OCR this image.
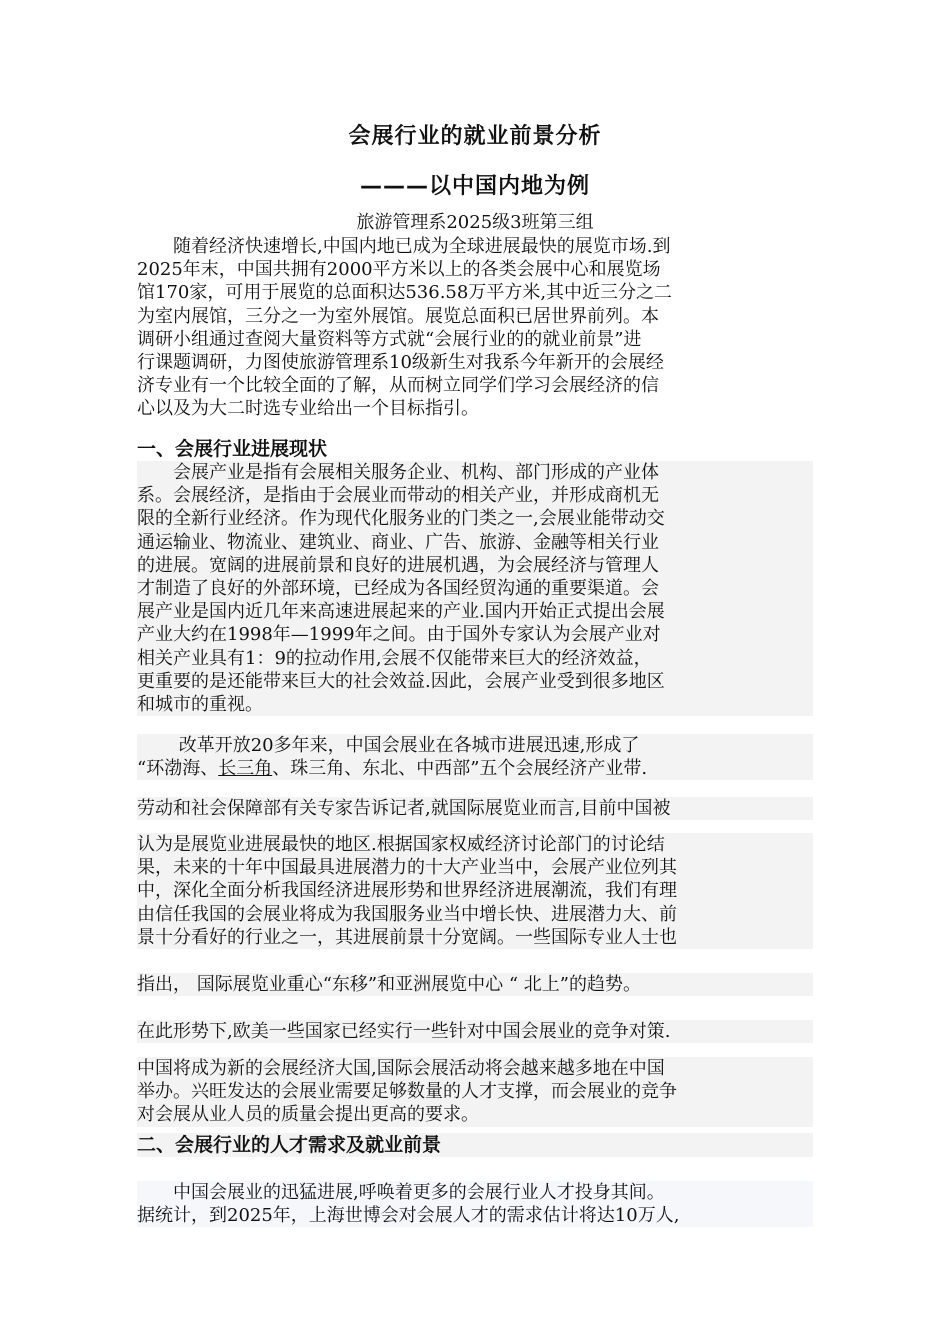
会展行业的就业前景分析
———以中国内地为例
旅游管理系2025级3班第三组
　　随着经济快速增长,中国内地已成为全球进展最快的展览市场.到
2025年末，中国共拥有2000平方米以上的各类会展中心和展览场
馆170家，可用于展览的总面积达536.58万平方米,其中近三分之二
为室内展馆，三分之一为室外展馆。展览总面积已居世界前列。本
调研小组通过查阅大量资料等方式就“会展行业的的就业前景”进
行课题调研，力图使旅游管理系10级新生对我系今年新开的会展经
济专业有一个比较全面的了解，从而树立同学们学习会展经济的信
心以及为大二时选专业给出一个目标指引。
一、会展行业进展现状
　　会展产业是指有会展相关服务企业、机构、部门形成的产业体
系。会展经济，是指由于会展业而带动的相关产业，并形成商机无
限的全新行业经济。作为现代化服务业的门类之一,会展业能带动交
通运输业、物流业、建筑业、商业、广告、旅游、金融等相关行业
的进展。宽阔的进展前景和良好的进展机遇，为会展经济与管理人
才制造了良好的外部环境，已经成为各国经贸沟通的重要渠道。会
展产业是国内近几年来高速进展起来的产业.国内开始正式提出会展
产业大约在1998年—1999年之间。由于国外专家认为会展产业对
相关产业具有1：9的拉动作用,会展不仅能带来巨大的经济效益，
更重要的是还能带来巨大的社会效益.因此，会展产业受到很多地区
和城市的重视。
　　 改革开放20多年来，中国会展业在各城市进展迅速,形成了
“环渤海、长三角、珠三角、东北、中西部”五个会展经济产业带.
劳动和社会保障部有关专家告诉记者,就国际展览业而言,目前中国被
认为是展览业进展最快的地区.根据国家权威经济讨论部门的讨论结
果，未来的十年中国最具进展潜力的十大产业当中，会展产业位列其
中，深化全面分析我国经济进展形势和世界经济进展潮流，我们有理
由信任我国的会展业将成为我国服务业当中增长快、进展潜力大、前
景十分看好的行业之一，其进展前景十分宽阔。一些国际专业人士也
指出， 国际展览业重心“东移”和亚洲展览中心 “ 北上”的趋势。
在此形势下,欧美一些国家已经实行一些针对中国会展业的竞争对策.
中国将成为新的会展经济大国,国际会展活动将会越来越多地在中国
举办。兴旺发达的会展业需要足够数量的人才支撑，而会展业的竞争
对会展从业人员的质量会提出更高的要求。
二、会展行业的人才需求及就业前景
　　中国会展业的迅猛进展,呼唤着更多的会展行业人才投身其间。
据统计，到2025年，上海世博会对会展人才的需求估计将达10万人,
